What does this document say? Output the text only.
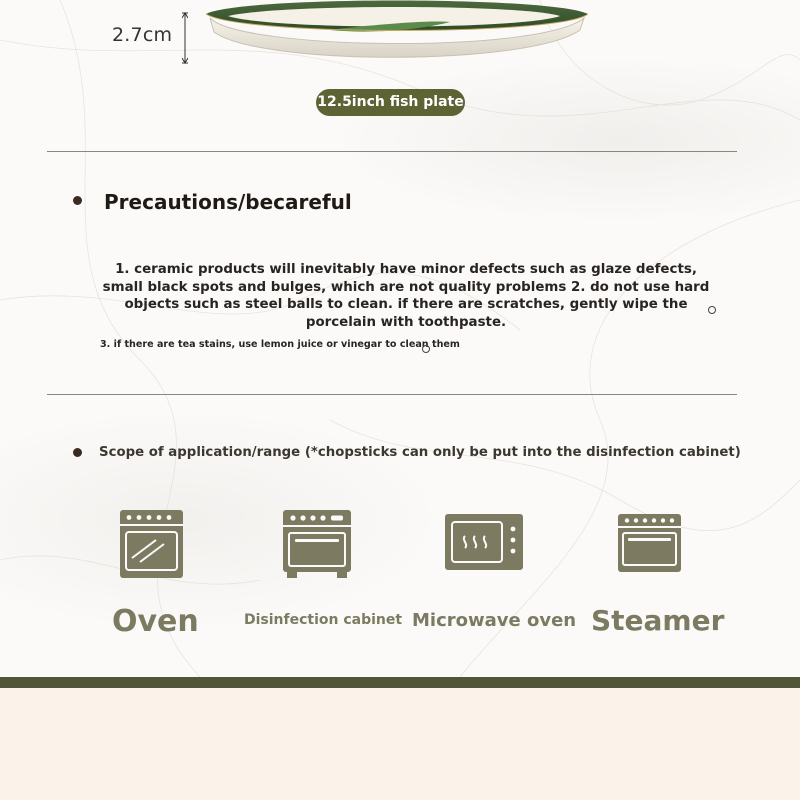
2.7cm
12.5inch fish plate
Precautions/becareful
1. ceramic products will inevitably have minor defects such as glaze defects, small black spots and bulges, which are not quality problems 2. do not use hard objects such as steel balls to clean. if there are scratches, gently wipe the porcelain with toothpaste.
3. if there are tea stains, use lemon juice or vinegar to clean them
Scope of application/range (*chopsticks can only be put into the disinfection cabinet)
Oven	Disinfection cabinet Microwave oven Steamer
